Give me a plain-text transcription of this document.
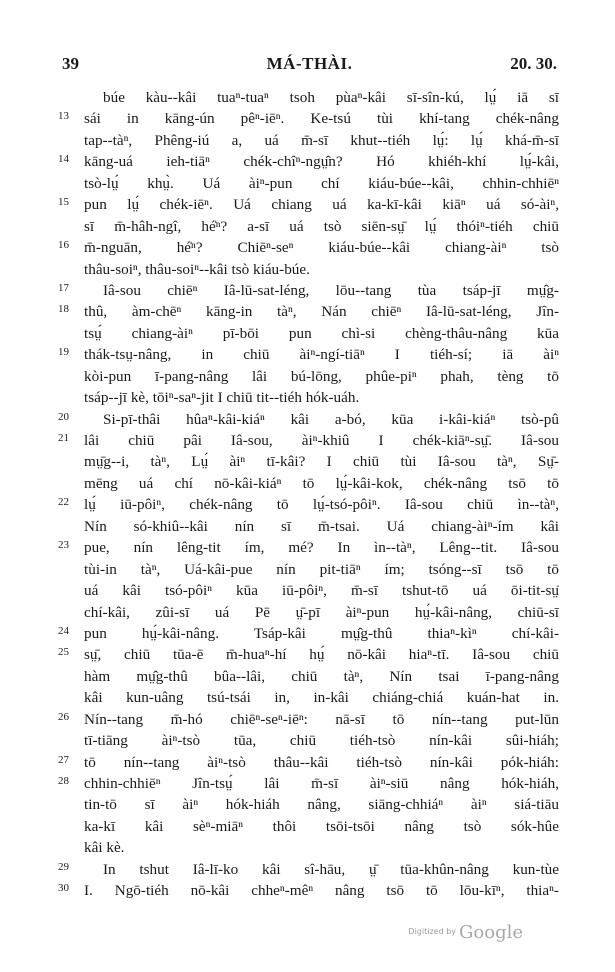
39	MÁ-THÀI.	20. 30.
búe kàu--kâi tuaⁿ-tuaⁿ tsoh pùaⁿ-kâi sī-sîn-kú, lṳ́ iā sī
13 sái in kāng-ún pêⁿ-iēⁿ. Ke-tsú tùi khí-tang chék-nâng
tap--tàⁿ, Phêng-iú a, uá m̄-sī khut--tiéh lṳ́: lṳ́ khá-m̄-sī
14 kāng-uá ieh-tiāⁿ chék-chîⁿ-ngṳ̂n? Hó khiéh-khí lṳ́-kâi,
tsò-lṳ́ khṳ̀. Uá àiⁿ-pun chí kiáu-búe--kâi, chhin-chhiēⁿ
15 pun lṳ́ chék-iēⁿ. Uá chiang uá ka-kī-kâi kiāⁿ uá só-àiⁿ,
sī m̄-hâh-ngî, hé̍ⁿ? a-sī uá tsò siēn-sṳ̄ lṳ́ thóiⁿ-tiéh chiū
16 m̄-nguān, hé̍ⁿ? Chiēⁿ-seⁿ kiáu-búe--kâi chiang-àiⁿ tsò
thâu-soiⁿ, thâu-soiⁿ--kâi tsò kiáu-búe.
17	Iâ-sou chiēⁿ Iâ-lū-sat-léng, lōu--tang tùa tsáp-jī mṳ̂g-
18 thû, àm-chēⁿ kāng-in tàⁿ, Nán chiēⁿ Iâ-lū-sat-léng, Jîn-
tsṳ́ chiang-àiⁿ pī-bōi pun chì-si chèng-thâu-nâng kūa
19 thák-tsṳ-nâng, in chiū àiⁿ-ngí-tiāⁿ I tiéh-sí; iā àiⁿ
kòi-pun ī-pang-nâng lâi bú-lōng, phûe-piⁿ phah, tèng tō
tsáp--jī kè, tōiⁿ-saⁿ-jit I chiū tit--tiéh hók-uáh.
20	Si-pī-thâi hûaⁿ-kâi-kiáⁿ kâi a-bó, kūa i-kâi-kiáⁿ tsò-pû
21 lâi chiū pâi Iâ-sou, àiⁿ-khiû I chék-kiāⁿ-sṳ̄. Iâ-sou
mṳ̄g--i, tàⁿ, Lṳ́ àiⁿ tī-kâi? I chiū tùi Iâ-sou tàⁿ, Sṳ̄-
mēng uá chí nō-kâi-kiáⁿ tō lṳ́-kâi-kok, chék-nâng tsō tō
22 lṳ́ iū-pôiⁿ, chék-nâng tō lṳ́-tsó-pôiⁿ. Iâ-sou chiū ìn--tàⁿ,
Nín só-khiû--kâi nín sī m̄-tsai. Uá chiang-àiⁿ-ím kâi
23 pue, nín lêng-tit ím, mé? In ìn--tàⁿ, Lêng--tit. Iâ-sou
tùi-in tàⁿ, Uá-kâi-pue nín pit-tiāⁿ ím; tsóng--sī tsō tō
uá kâi tsó-pôiⁿ kūa iū-pôiⁿ, m̄-sī tshut-tō uá ōi-tit-sṳ̄
chí-kâi, zûi-sī uá Pē ṳ̄-pī àiⁿ-pun hṳ́-kâi-nâng, chiū-sī
24 pun hṳ́-kâi-nâng. Tsáp-kâi mṳ̂g-thû thiaⁿ-kìⁿ chí-kâi-
25 sṳ̄, chiū tūa-ē m̄-huaⁿ-hí hṳ́ nō-kâi hiaⁿ-tī. Iâ-sou chiū
hàm mṳ̂g-thû bûa--lâi, chiū tàⁿ, Nín tsai ī-pang-nâng
kâi kun-uâng tsú-tsái in, in-kâi chiáng-chiá kuán-hat in.
26 Nín--tang m̄-hó chiēⁿ-seⁿ-iēⁿ: nā-sī tō nín--tang put-lūn
tī-tiāng àiⁿ-tsò tūa, chiū tiéh-tsò nín-kâi sûi-hiáh;
27 tō nín--tang àiⁿ-tsò thâu--kâi tiéh-tsò nín-kâi pók-hiáh:
28 chhin-chhiēⁿ Jîn-tsṳ́ lâi m̄-sī àiⁿ-siū nâng hók-hiáh,
tin-tō sī àiⁿ hók-hiáh nâng, siāng-chhiáⁿ àiⁿ siá-tiāu
ka-kī kâi sèⁿ-miāⁿ thôi tsōi-tsōi nâng tsò sók-hûe
kâi kè.
29	In tshut Iâ-lī-ko kâi sî-hāu, ṳ̄ tūa-khûn-nâng kun-tùe
30 I. Ngō-tiéh nō-kâi chheⁿ-mêⁿ nâng tsō tō lōu-kīⁿ, thiaⁿ-
$^{Digitized by}$ Google
